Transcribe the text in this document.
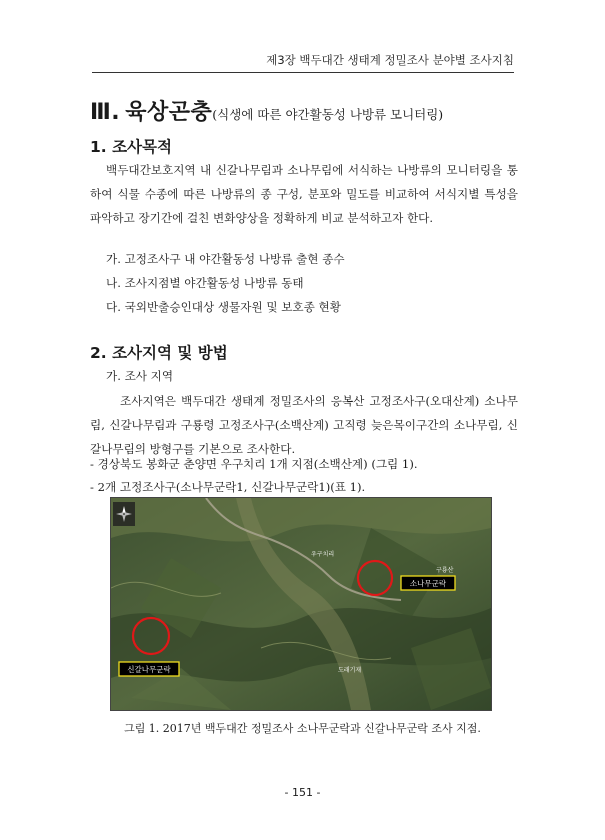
제3장 백두대간 생태계 정밀조사 분야별 조사지침
Ⅲ. 육상곤충(식생에 따른 야간활동성 나방류 모니터링)
1. 조사목적
백두대간보호지역 내 신갈나무림과 소나무림에 서식하는 나방류의 모니터링을 통하여 식물 수종에 따른 나방류의 종 구성, 분포와 밀도를 비교하여 서식지별 특성을 파악하고 장기간에 걸친 변화양상을 정확하게 비교 분석하고자 한다.
가. 고정조사구 내 야간활동성 나방류 출현 종수
나. 조사지점별 야간활동성 나방류 동태
다. 국외반출승인대상 생물자원 및 보호종 현황
2. 조사지역 및 방법
가. 조사 지역
조사지역은 백두대간 생태계 정밀조사의 응복산 고정조사구(오대산계) 소나무림, 신갈나무림과 구룡령 고정조사구(소백산계) 고직령 늦은목이구간의 소나무림, 신갈나무림의 방형구를 기본으로 조사한다.
- 경상북도 봉화군 춘양면 우구치리 1개 지점(소백산계) (그림 1).
- 2개 고정조사구(소나무군락1, 신갈나무군락1)(표 1).
우구치리
구룡산
도래기재
소나무군락
신갈나무군락
그림 1. 2017년 백두대간 정밀조사 소나무군락과 신갈나무군락 조사 지점.
- 151 -
